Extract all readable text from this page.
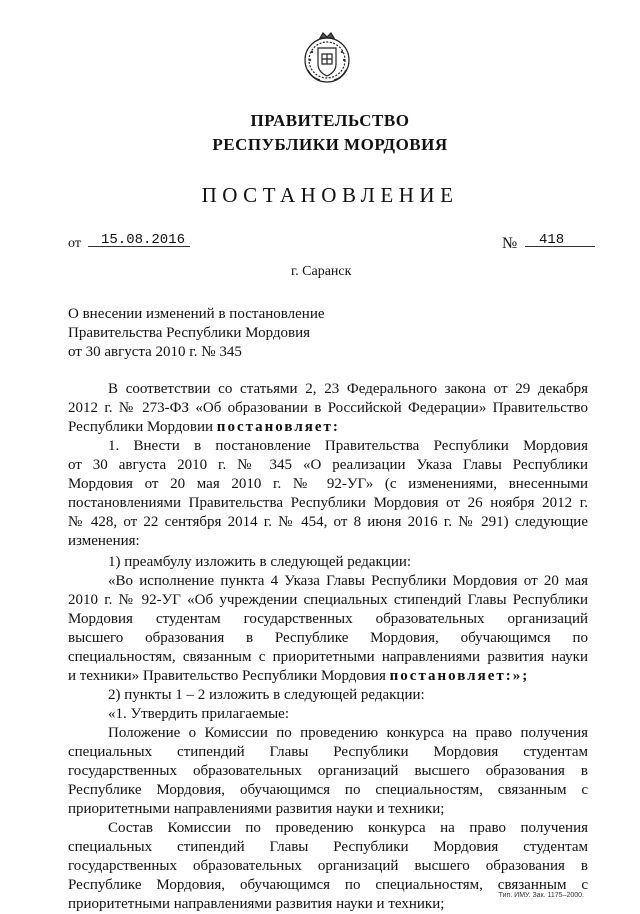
ПРАВИТЕЛЬСТВО
РЕСПУБЛИКИ МОРДОВИЯ
ПОСТАНОВЛЕНИЕ
от 15.08.2016	№ 418
г. Саранск
О внесении изменений в постановление
Правительства Республики Мордовия
от 30 августа 2010 г. № 345
В соответствии со статьями 2, 23 Федерального закона от 29 декабря
2012 г. № 273-ФЗ «Об образовании в Российской Федерации» Правительство
Республики Мордовии постановляет:
1. Внести в постановление Правительства Республики Мордовия
от 30 августа 2010 г. № 345 «О реализации Указа Главы Республики
Мордовия от 20 мая 2010 г. № 92-УГ» (с изменениями, внесенными
постановлениями Правительства Республики Мордовия от 26 ноября 2012 г.
№ 428, от 22 сентября 2014 г. № 454, от 8 июня 2016 г. № 291) следующие
изменения:
1) преамбулу изложить в следующей редакции:
«Во исполнение пункта 4 Указа Главы Республики Мордовия от 20 мая
2010 г. № 92-УГ «Об учреждении специальных стипендий Главы Республики
Мордовия студентам государственных образовательных организаций
высшего образования в Республике Мордовия, обучающимся по
специальностям, связанным с приоритетными направлениями развития науки
и техники» Правительство Республики Мордовия постановляет:»;
2) пункты 1 – 2 изложить в следующей редакции:
«1. Утвердить прилагаемые:
Положение о Комиссии по проведению конкурса на право получения
специальных стипендий Главы Республики Мордовия студентам
государственных образовательных организаций высшего образования в
Республике Мордовия, обучающимся по специальностям, связанным с
приоритетными направлениями развития науки и техники;
Состав Комиссии по проведению конкурса на право получения
специальных стипендий Главы Республики Мордовия студентам
государственных образовательных организаций высшего образования в
Республике Мордовия, обучающимся по специальностям, связанным с
приоритетными направлениями развития науки и техники;
Тип. ИМУ. Зак. 1175–2000.
